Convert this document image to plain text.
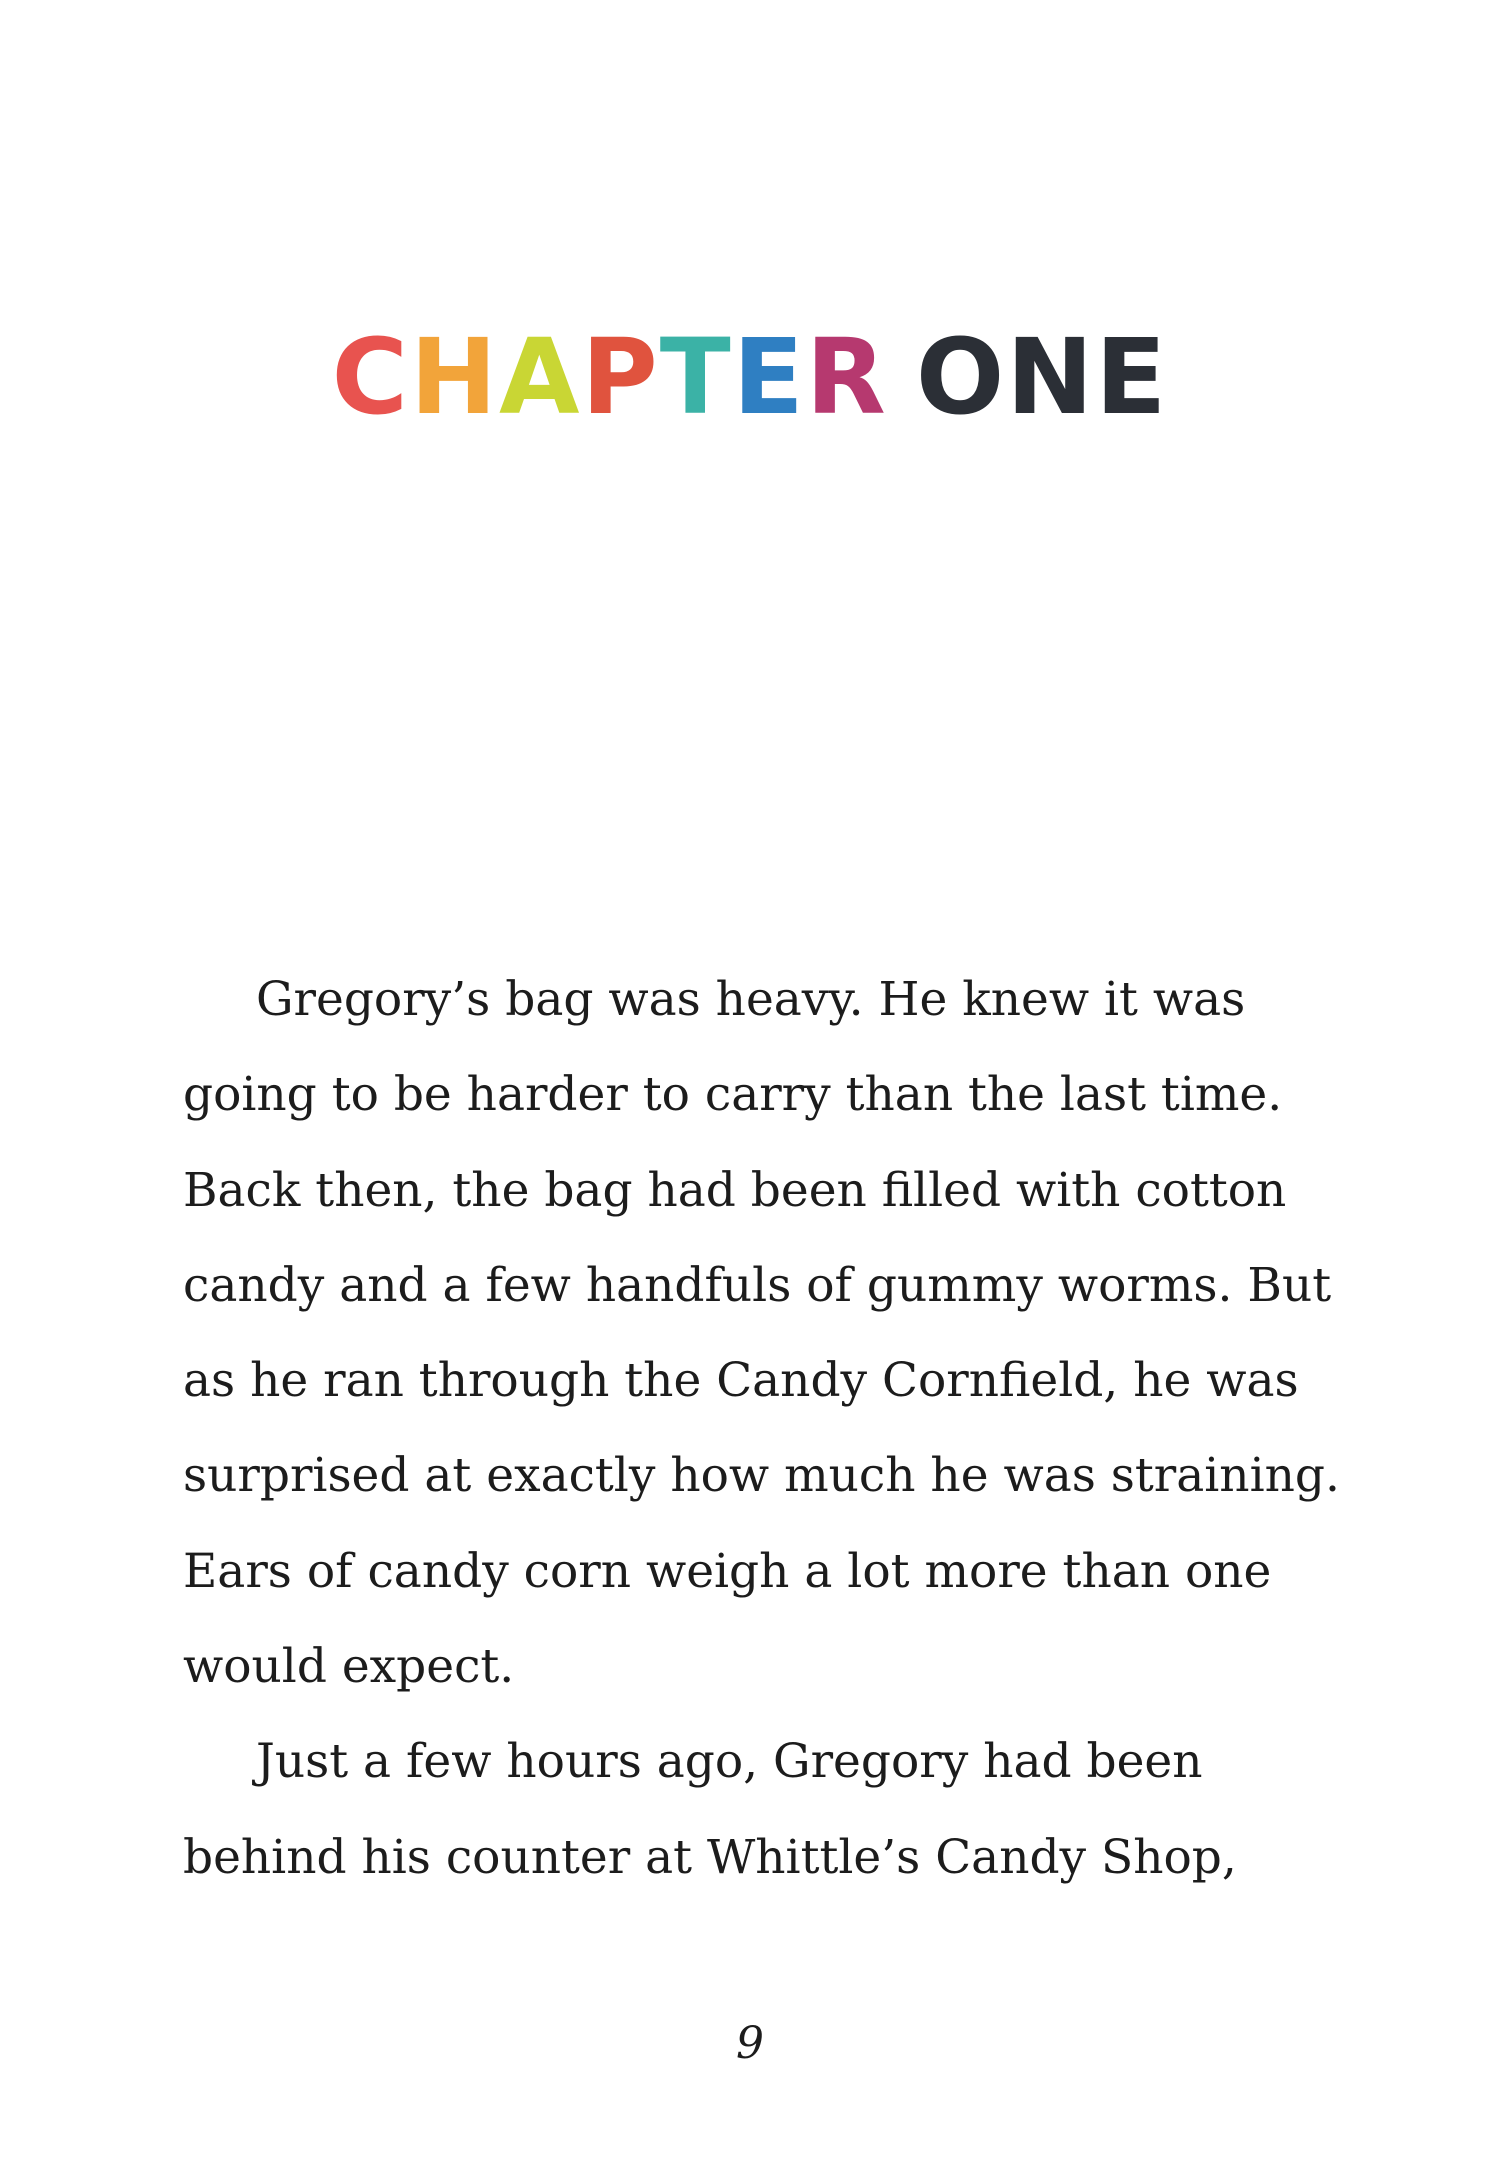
CHAPTER ONE
Gregory’s bag was heavy. He knew it was
going to be harder to carry than the last time.
Back then, the bag had been filled with cotton
candy and a few handfuls of gummy worms. But
as he ran through the Candy Cornfield, he was
surprised at exactly how much he was straining.
Ears of candy corn weigh a lot more than one
would expect.
Just a few hours ago, Gregory had been
behind his counter at Whittle’s Candy Shop,
9
